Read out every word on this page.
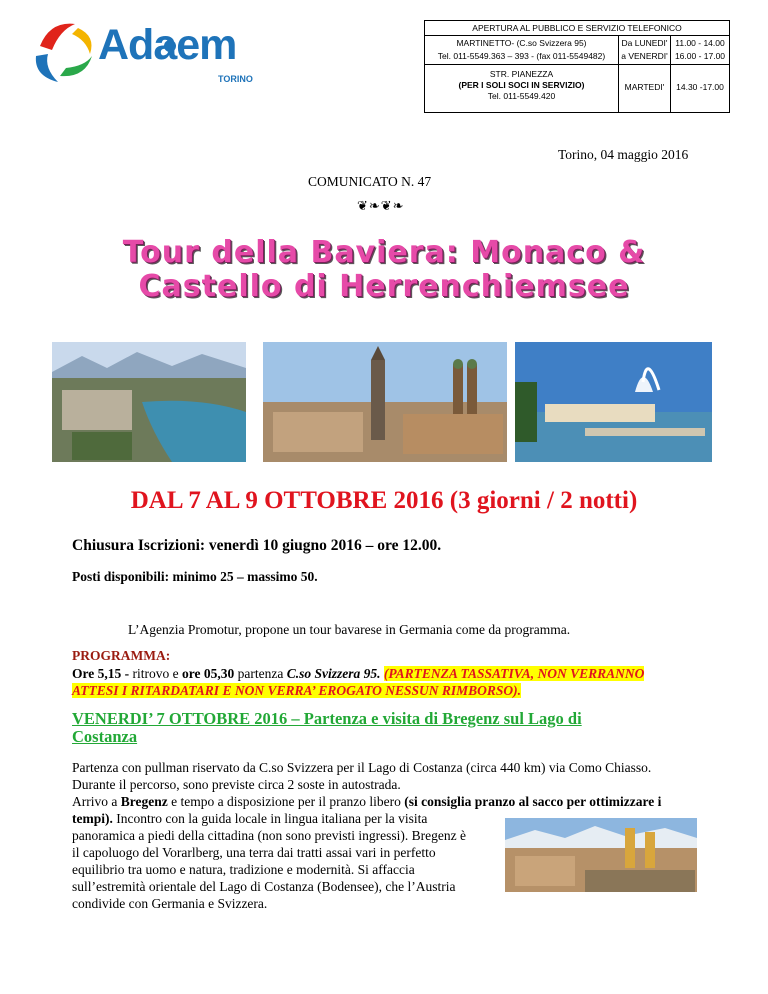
Adaem
TORINO
APERTURA AL PUBBLICO E SERVIZIO TELEFONICO
MARTINETTO- (C.so Svizzera 95)
Tel. 011-5549.363 – 393 - (fax 011-5549482)
Da LUNEDI'
a VENERDI'
11.00 - 14.00
16.00 - 17.00
STR. PIANEZZA
(PER I SOLI SOCI IN SERVIZIO)
Tel. 011-5549.420
MARTEDI'	14.30 -17.00
Torino, 04 maggio 2016
COMUNICATO N. 47
❦❧❦❧
Tour della Baviera: Monaco &
Castello di Herrenchiemsee
DAL 7 AL 9 OTTOBRE 2016 (3 giorni / 2 notti)
Chiusura Iscrizioni: venerdì 10 giugno 2016 – ore 12.00.
Posti disponibili: minimo 25 – massimo 50.
L’Agenzia Promotur, propone un tour bavarese in Germania come da programma.
PROGRAMMA:
Ore 5,15 - ritrovo e ore 05,30 partenza C.so Svizzera 95. (PARTENZA TASSATIVA, NON VERRANNO
ATTESI I RITARDATARI E NON VERRA’ EROGATO NESSUN RIMBORSO).
VENERDI’ 7 OTTOBRE 2016 – Partenza e visita di Bregenz sul Lago di
Costanza
Partenza con pullman riservato da C.so Svizzera per il Lago di Costanza (circa 440 km) via Como Chiasso.
Durante il percorso, sono previste circa 2 soste in autostrada.
Arrivo a Bregenz e tempo a disposizione per il pranzo libero (si consiglia pranzo al sacco per ottimizzare i
tempi). Incontro con la guida locale in lingua italiana per la visita
panoramica a piedi della cittadina (non sono previsti ingressi). Bregenz è
il capoluogo del Vorarlberg, una terra dai tratti assai vari in perfetto
equilibrio tra uomo e natura, tradizione e modernità. Si affaccia
sull’estremità orientale del Lago di Costanza (Bodensee), che l’Austria
condivide con Germania e Svizzera.
